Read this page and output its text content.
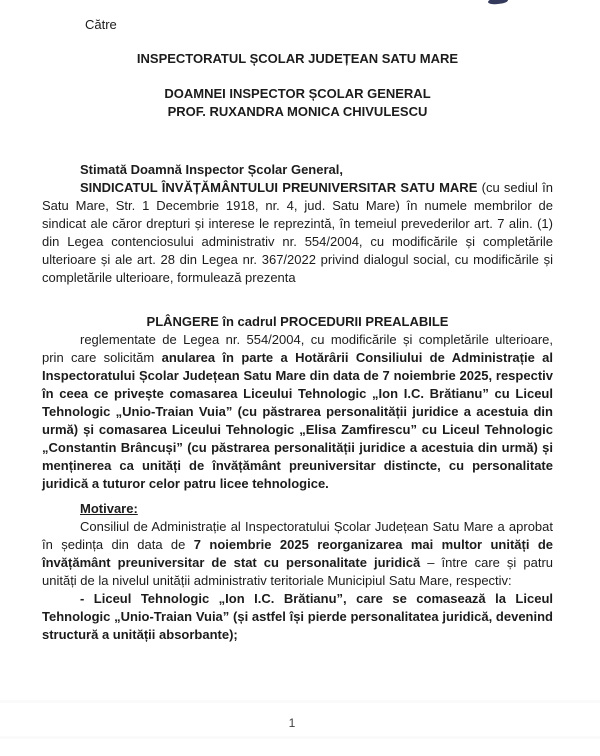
Către
INSPECTORATUL ȘCOLAR JUDEȚEAN SATU MARE
DOAMNEI INSPECTOR ȘCOLAR GENERAL
PROF. RUXANDRA MONICA CHIVULESCU
Stimată Doamnă Inspector Școlar General,

SINDICATUL ÎNVĂȚĂMÂNTULUI PREUNIVERSITAR SATU MARE (cu sediul în Satu Mare, Str. 1 Decembrie 1918, nr. 4, jud. Satu Mare) în numele membrilor de sindicat ale căror drepturi și interese le reprezintă, în temeiul prevederilor art. 7 alin. (1) din Legea contenciosului administrativ nr. 554/2004, cu modificările și completările ulterioare și ale art. 28 din Legea nr. 367/2022 privind dialogul social, cu modificările și completările ulterioare, formulează prezenta

PLÂNGERE în cadrul PROCEDURII PREALABILE

reglementate de Legea nr. 554/2004, cu modificările și completările ulterioare, prin care solicităm anularea în parte a Hotărârii Consiliului de Administrație al Inspectoratului Școlar Județean Satu Mare din data de 7 noiembrie 2025, respectiv în ceea ce privește comasarea Liceului Tehnologic „Ion I.C. Brătianu” cu Liceul Tehnologic „Unio-Traian Vuia” (cu păstrarea personalității juridice a acestuia din urmă) și comasarea Liceului Tehnologic „Elisa Zamfirescu” cu Liceul Tehnologic „Constantin Brâncuși” (cu păstrarea personalității juridice a acestuia din urmă) și menținerea ca unități de învățământ preuniversitar distincte, cu personalitate juridică a tuturor celor patru licee tehnologice.

Motivare:

Consiliul de Administrație al Inspectoratului Școlar Județean Satu Mare a aprobat în ședința din data de 7 noiembrie 2025 reorganizarea mai multor unități de învățământ preuniversitar de stat cu personalitate juridică – între care și patru unități de la nivelul unității administrativ teritoriale Municipiul Satu Mare, respectiv:

- Liceul Tehnologic „Ion I.C. Brătianu”, care se comasează la Liceul Tehnologic „Unio-Traian Vuia” (și astfel își pierde personalitatea juridică, devenind structură a unității absorbante);

1
